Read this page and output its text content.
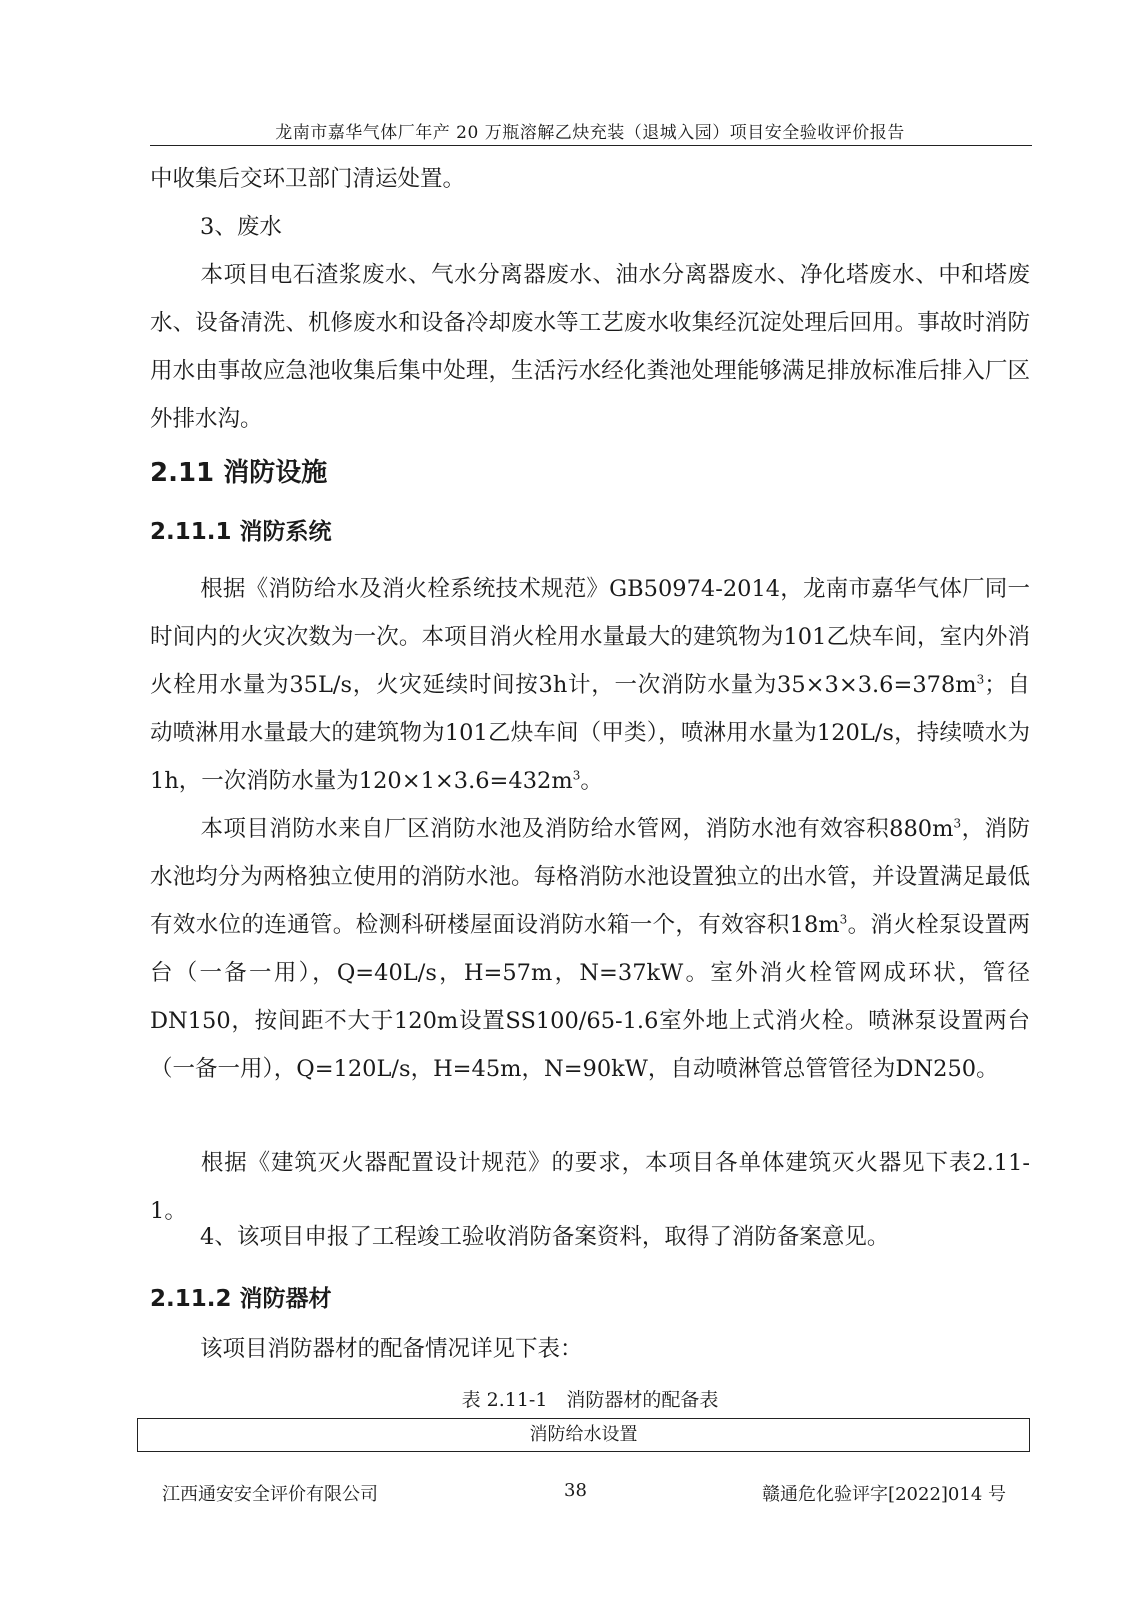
龙南市嘉华气体厂年产 20 万瓶溶解乙炔充装（退城入园）项目安全验收评价报告

中收集后交环卫部门清运处置。

3、废水

本项目电石渣浆废水、气水分离器废水、油水分离器废水、净化塔废水、中和塔废水、设备清洗、机修废水和设备冷却废水等工艺废水收集经沉淀处理后回用。事故时消防用水由事故应急池收集后集中处理，生活污水经化粪池处理能够满足排放标准后排入厂区外排水沟。

2.11 消防设施
2.11.1 消防系统

根据《消防给水及消火栓系统技术规范》GB50974-2014，龙南市嘉华气体厂同一时间内的火灾次数为一次。本项目消火栓用水量最大的建筑物为101乙炔车间，室内外消火栓用水量为35L/s，火灾延续时间按3h计，一次消防水量为$35\times 3\times 3.6=378m^3$；自动喷淋用水量最大的建筑物为101乙炔车间（甲类），喷淋用水量为120L/s，持续喷水为1h，一次消防水量为$120\times 1\times 3.6=432m^3$。

本项目消防水来自厂区消防水池及消防给水管网，消防水池有效容积$880m^3$，消防水池均分为两格独立使用的消防水池。每格消防水池设置独立的出水管，并设置满足最低有效水位的连通管。检测科研楼屋面设消防水箱一个，有效容积$18m^3$。消火栓泵设置两台（一备一用），Q=40L/s，H=57m，N=37kW。室外消火栓管网成环状，管径DN150，按间距不大于120m设置SS100/65-1.6室外地上式消火栓。喷淋泵设置两台（一备一用），Q=120L/s，H=45m，N=90kW，自动喷淋管总管管径为DN250。

根据《建筑灭火器配置设计规范》的要求，本项目各单体建筑灭火器见下表2.11-1。

4、该项目申报了工程竣工验收消防备案资料，取得了消防备案意见。

2.11.2 消防器材

该项目消防器材的配备情况详见下表：

表 2.11-1　消防器材的配备表
消防给水设置
江西通安安全评价有限公司	38	赣通危化验评字[2022]014 号
